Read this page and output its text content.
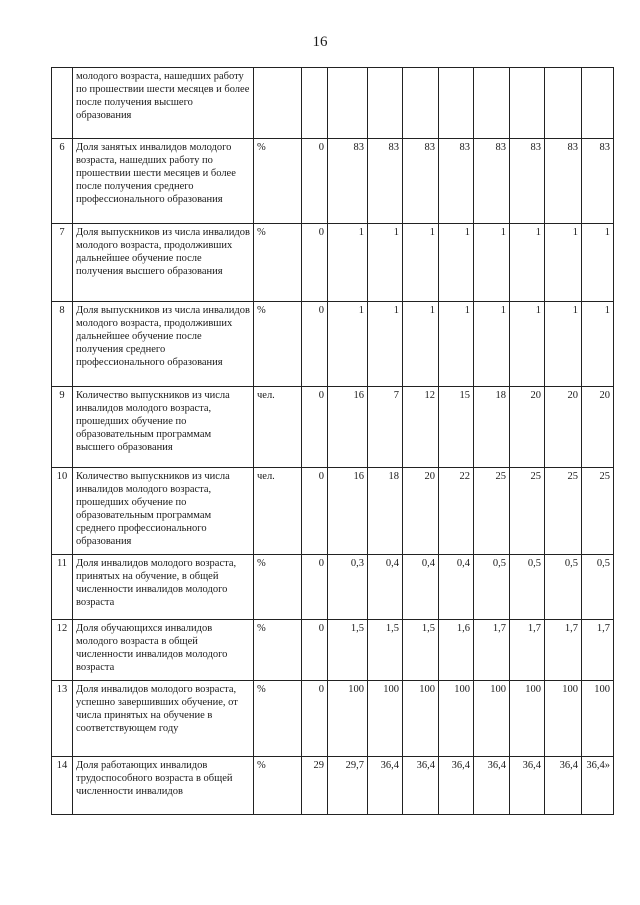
16
	молодого возраста, нашедших работу по прошествии шести месяцев и более после получения высшего образования										
6	Доля занятых инвалидов молодого возраста, нашедших работу по прошествии шести месяцев и более после получения среднего профессионального образования	%	0	83	83	83	83	83	83	83	83
7	Доля выпускников из числа инвалидов молодого возраста, продолживших дальнейшее обучение после получения высшего образования	%	0	1	1	1	1	1	1	1	1
8	Доля выпускников из числа инвалидов молодого возраста, продолживших дальнейшее обучение после получения среднего профессионального образования	%	0	1	1	1	1	1	1	1	1
9	Количество выпускников из числа инвалидов молодого возраста, прошедших обучение по образовательным программам высшего образования	чел.	0	16	7	12	15	18	20	20	20
10	Количество выпускников из числа инвалидов молодого возраста, прошедших обучение по образовательным программам среднего профессионального образования	чел.	0	16	18	20	22	25	25	25	25
11	Доля инвалидов молодого возраста, принятых на обучение, в общей численности инвалидов молодого возраста	%	0	0,3	0,4	0,4	0,4	0,5	0,5	0,5	0,5
12	Доля обучающихся инвалидов молодого возраста в общей численности инвалидов молодого возраста	%	0	1,5	1,5	1,5	1,6	1,7	1,7	1,7	1,7
13	Доля инвалидов молодого возраста, успешно завершивших обучение, от числа принятых на обучение в соответствующем году	%	0	100	100	100	100	100	100	100	100
14	Доля работающих инвалидов трудоспособного возраста в общей численности инвалидов	%	29	29,7	36,4	36,4	36,4	36,4	36,4	36,4	36,4»
